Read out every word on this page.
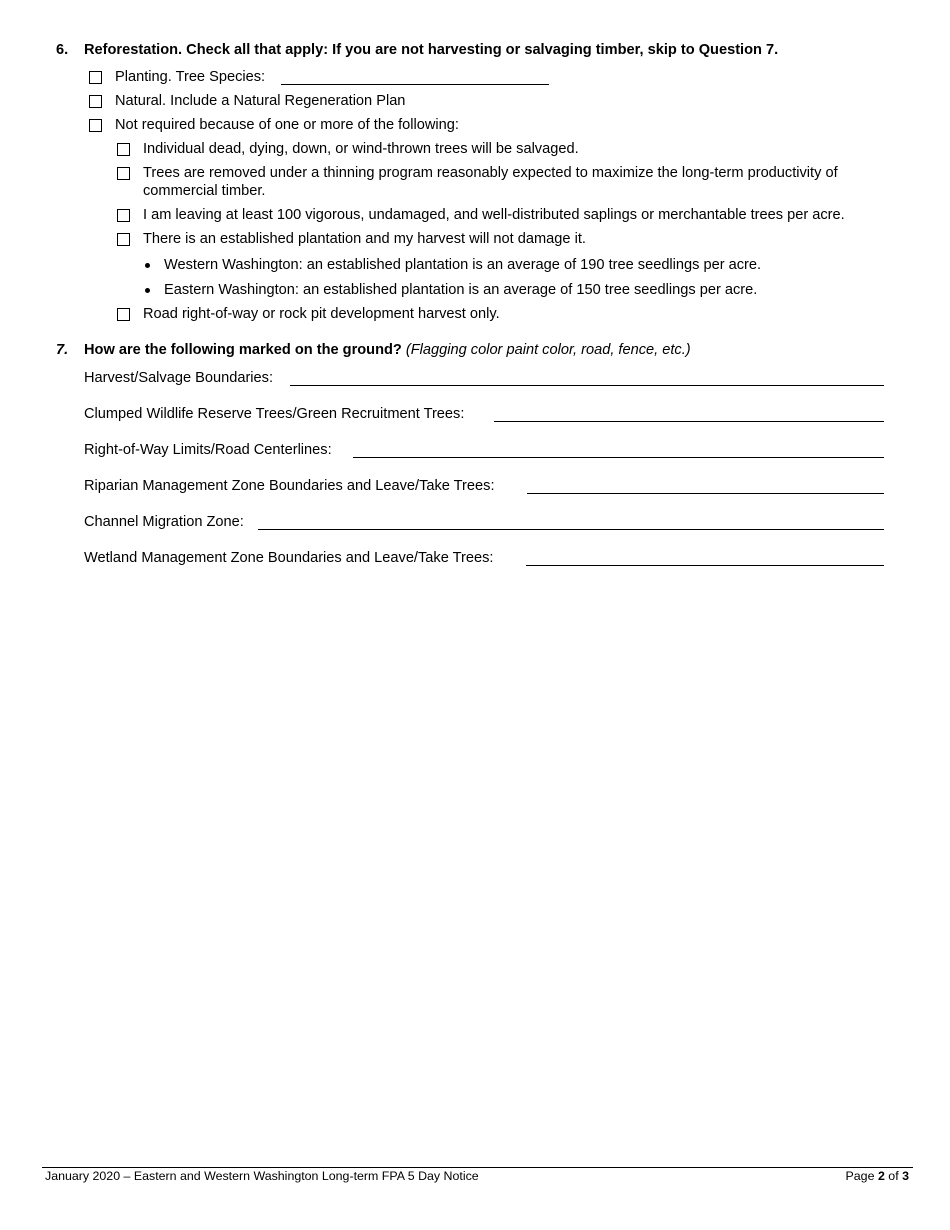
6. Reforestation. Check all that apply: If you are not harvesting or salvaging timber, skip to Question 7.
Planting. Tree Species:
Natural. Include a Natural Regeneration Plan
Not required because of one or more of the following:
Individual dead, dying, down, or wind-thrown trees will be salvaged.
Trees are removed under a thinning program reasonably expected to maximize the long-term productivity of
commercial timber.
I am leaving at least 100 vigorous, undamaged, and well-distributed saplings or merchantable trees per acre.
There is an established plantation and my harvest will not damage it.
Western Washington: an established plantation is an average of 190 tree seedlings per acre.
Eastern Washington: an established plantation is an average of 150 tree seedlings per acre.
Road right-of-way or rock pit development harvest only.
7. How are the following marked on the ground? (Flagging color paint color, road, fence, etc.)
Harvest/Salvage Boundaries:
Clumped Wildlife Reserve Trees/Green Recruitment Trees:
Right-of-Way Limits/Road Centerlines:
Riparian Management Zone Boundaries and Leave/Take Trees:
Channel Migration Zone:
Wetland Management Zone Boundaries and Leave/Take Trees:
January 2020 – Eastern and Western Washington Long-term FPA 5 Day Notice	Page 2 of 3
